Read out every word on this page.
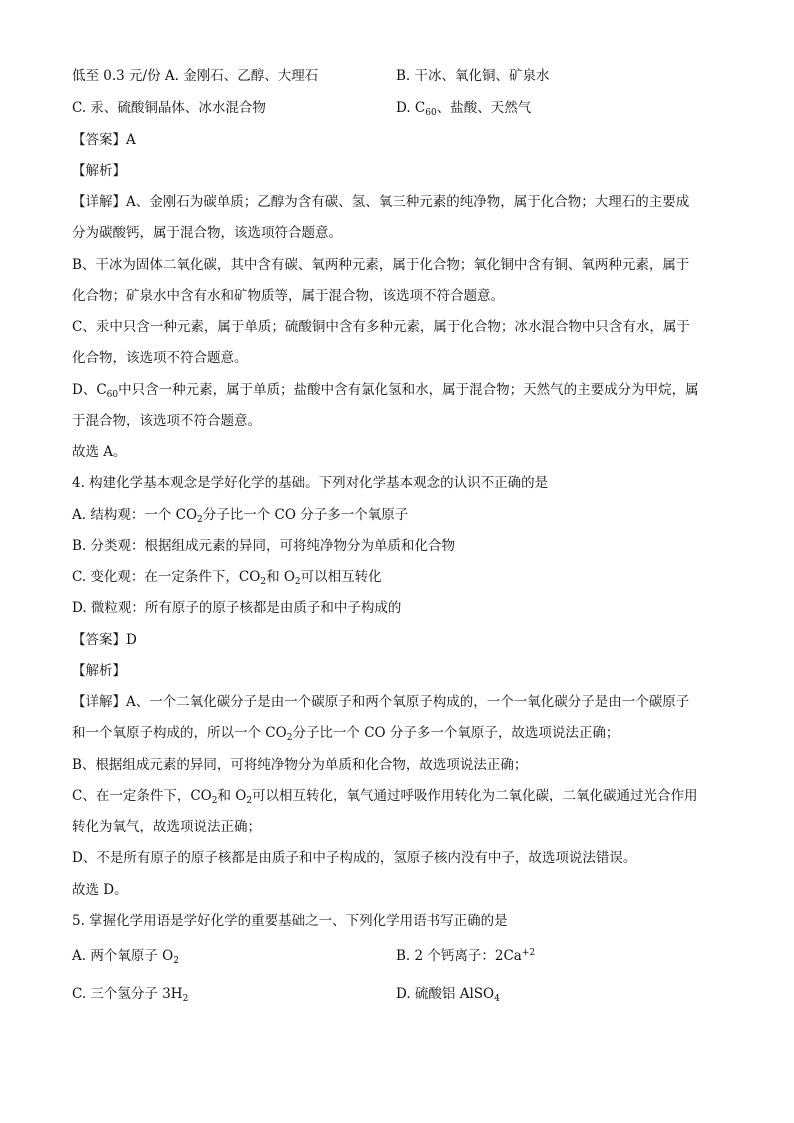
低至 0.3 元/份 A. 金刚石、乙醇、大理石	B. 干冰、氧化铜、矿泉水
C. 汞、硫酸铜晶体、冰水混合物	D. $C_{60}$、盐酸、天然气
【答案】A
【解析】
【详解】A、金刚石为碳单质；乙醇为含有碳、氢、氧三种元素的纯净物，属于化合物；大理石的主要成
分为碳酸钙，属于混合物，该选项符合题意。
B、干冰为固体二氧化碳，其中含有碳、氧两种元素，属于化合物；氧化铜中含有铜、氧两种元素，属于
化合物；矿泉水中含有水和矿物质等，属于混合物，该选项不符合题意。
C、汞中只含一种元素，属于单质；硫酸铜中含有多种元素，属于化合物；冰水混合物中只含有水，属于
化合物，该选项不符合题意。
D、$C_{60}$中只含一种元素，属于单质；盐酸中含有氯化氢和水，属于混合物；天然气的主要成分为甲烷，属
于混合物，该选项不符合题意。
故选 A。
4. 构建化学基本观念是学好化学的基础。下列对化学基本观念的认识不正确的是
A. 结构观：一个 $CO_2$分子比一个 CO 分子多一个氧原子
B. 分类观：根据组成元素的异同，可将纯净物分为单质和化合物
C. 变化观：在一定条件下，$CO_2$和 $O_2$可以相互转化
D. 微粒观：所有原子的原子核都是由质子和中子构成的
【答案】D
【解析】
【详解】A、一个二氧化碳分子是由一个碳原子和两个氧原子构成的，一个一氧化碳分子是由一个碳原子
和一个氧原子构成的，所以一个 $CO_2$分子比一个 CO 分子多一个氧原子，故选项说法正确；
B、根据组成元素的异同，可将纯净物分为单质和化合物，故选项说法正确；
C、在一定条件下，$CO_2$和 $O_2$可以相互转化，氧气通过呼吸作用转化为二氧化碳，二氧化碳通过光合作用
转化为氧气，故选项说法正确；
D、不是所有原子的原子核都是由质子和中子构成的，氢原子核内没有中子，故选项说法错误。
故选 D。
5. 掌握化学用语是学好化学的重要基础之一、下列化学用语书写正确的是
A. 两个氧原子 $O_2$	B. 2 个钙离子：$2Ca^{+2}$
C. 三个氢分子 $3H_2$	D. 硫酸铝 AlSO$_4$
